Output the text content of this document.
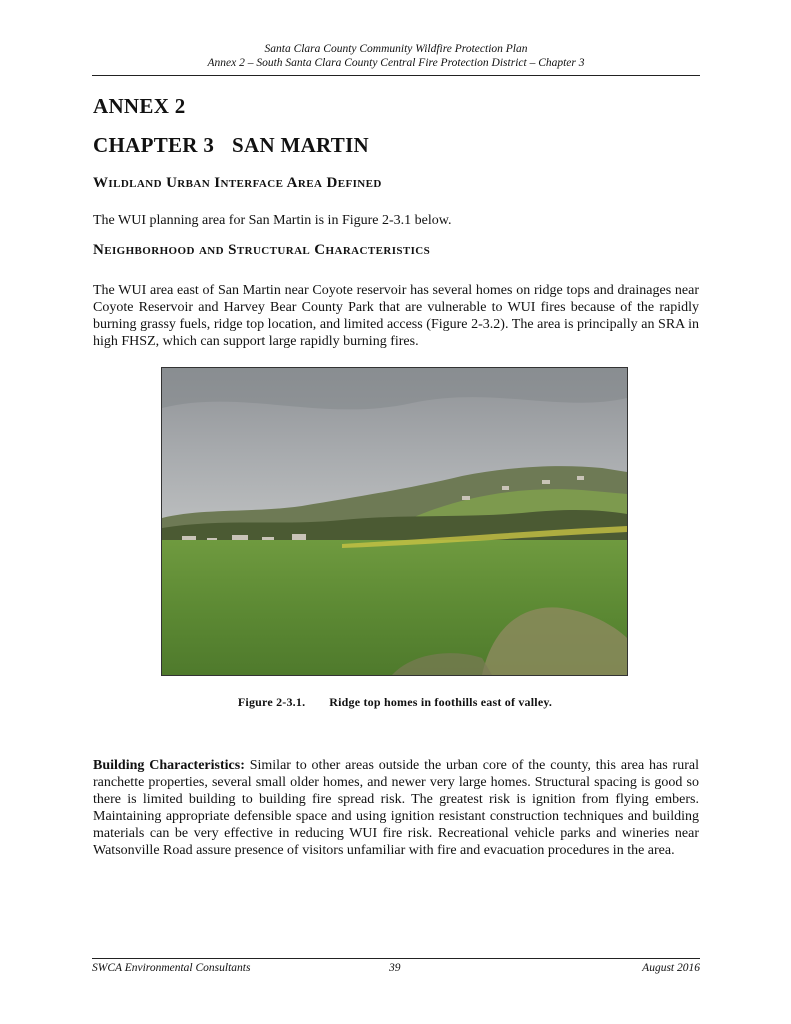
Santa Clara County Community Wildfire Protection Plan
Annex 2 – South Santa Clara County Central Fire Protection District – Chapter 3
ANNEX 2
CHAPTER 3 SAN MARTIN
Wildland Urban Interface Area Defined
The WUI planning area for San Martin is in Figure 2-3.1 below.
Neighborhood and Structural Characteristics
The WUI area east of San Martin near Coyote reservoir has several homes on ridge tops and drainages near Coyote Reservoir and Harvey Bear County Park that are vulnerable to WUI fires because of the rapidly burning grassy fuels, ridge top location, and limited access (Figure 2-3.2). The area is principally an SRA in high FHSZ, which can support large rapidly burning fires.
Figure 2-3.1. Ridge top homes in foothills east of valley.
Building Characteristics: Similar to other areas outside the urban core of the county, this area has rural ranchette properties, several small older homes, and newer very large homes. Structural spacing is good so there is limited building to building fire spread risk. The greatest risk is ignition from flying embers. Maintaining appropriate defensible space and using ignition resistant construction techniques and building materials can be very effective in reducing WUI fire risk. Recreational vehicle parks and wineries near Watsonville Road assure presence of visitors unfamiliar with fire and evacuation procedures in the area.
SWCA Environmental Consultants	39	August 2016
